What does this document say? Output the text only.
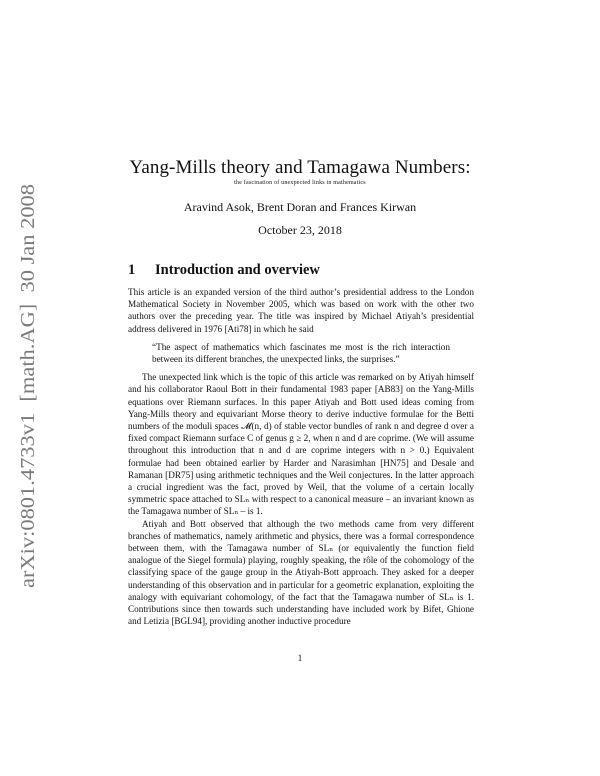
arXiv:0801.4733v1  [math.AG]  30 Jan 2008
Yang-Mills theory and Tamagawa Numbers:
the fascination of unexpected links in mathematics
Aravind Asok, Brent Doran and Frances Kirwan
October 23, 2018
1 Introduction and overview

This article is an expanded version of the third author’s presidential address to the London Mathematical Society in November 2005, which was based on work with the other two authors over the preceding year. The title was inspired by Michael Atiyah’s presidential address delivered in 1976 [Ati78] in which he said

“The aspect of mathematics which fascinates me most is the rich interaction between its different branches, the unexpected links, the surprises.”

The unexpected link which is the topic of this article was remarked on by Atiyah himself and his collaborator Raoul Bott in their fundamental 1983 paper [AB83] on the Yang-Mills equations over Riemann surfaces. In this paper Atiyah and Bott used ideas coming from Yang-Mills theory and equivariant Morse theory to derive inductive formulae for the Betti numbers of the moduli spaces 𝓜(n, d) of stable vector bundles of rank n and degree d over a fixed compact Riemann surface C of genus g ≥ 2, when n and d are coprime. (We will assume throughout this introduction that n and d are coprime integers with n > 0.) Equivalent formulae had been obtained earlier by Harder and Narasimhan [HN75] and Desale and Ramanan [DR75] using arithmetic techniques and the Weil conjectures. In the latter approach a crucial ingredient was the fact, proved by Weil, that the volume of a certain locally symmetric space attached to SLₙ with respect to a canonical measure – an invariant known as the Tamagawa number of SLₙ – is 1.

Atiyah and Bott observed that although the two methods came from very different branches of mathematics, namely arithmetic and physics, there was a formal correspondence between them, with the Tamagawa number of SLₙ (or equivalently the function field analogue of the Siegel formula) playing, roughly speaking, the rôle of the cohomology of the classifying space of the gauge group in the Atiyah-Bott approach. They asked for a deeper understanding of this observation and in particular for a geometric explanation, exploiting the analogy with equivariant cohomology, of the fact that the Tamagawa number of SLₙ is 1. Contributions since then towards such understanding have included work by Bifet, Ghione and Letizia [BGL94], providing another inductive procedure

1
